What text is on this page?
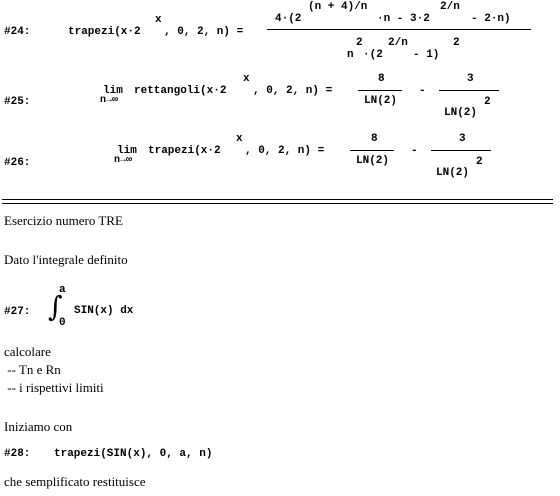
#24:	trapezi(x·2
x
, 0, 2, n) =
4·(2
(n + 4)/n
·n - 3·2
2/n
- 2·n)
2 2/n	2
n ·(2	- 1)
#25:
lim
n→∞
rettangoli(x·2
x
, 0, 2, n) =
8
LN(2)
-
3
2
LN(2)
#26:
lim
n→∞
trapezi(x·2
x
, 0, 2, n) =
8
LN(2)
-
3
2
LN(2)
Esercizio numero TRE
Dato l'integrale definito
#27:
a
∫
0
SIN(x) dx
calcolare
-- Tn e Rn
-- i rispettivi limiti
Iniziamo con
#28: trapezi(SIN(x), 0, a, n)
che semplificato restituisce
